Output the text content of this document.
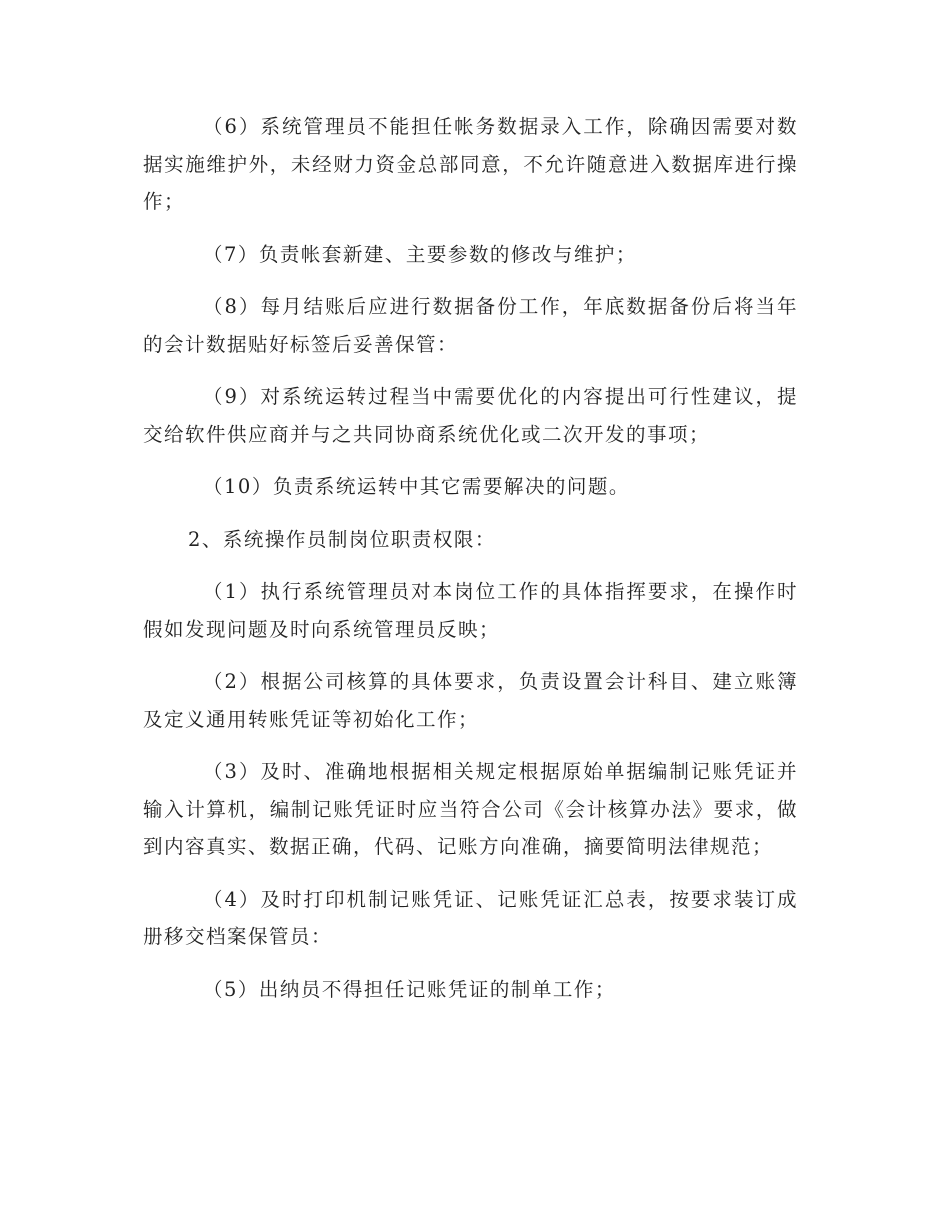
（6）系统管理员不能担任帐务数据录入工作，除确因需要对数据实施维护外，未经财力资金总部同意，不允许随意进入数据库进行操作；

（7）负责帐套新建、主要参数的修改与维护；

（8）每月结账后应进行数据备份工作，年底数据备份后将当年的会计数据贴好标签后妥善保管：

（9）对系统运转过程当中需要优化的内容提出可行性建议，提交给软件供应商并与之共同协商系统优化或二次开发的事项；

（10）负责系统运转中其它需要解决的问题。

2、系统操作员制岗位职责权限：

（1）执行系统管理员对本岗位工作的具体指挥要求，在操作时假如发现问题及时向系统管理员反映；

（2）根据公司核算的具体要求，负责设置会计科目、建立账簿及定义通用转账凭证等初始化工作；

（3）及时、准确地根据相关规定根据原始单据编制记账凭证并输入计算机，编制记账凭证时应当符合公司《会计核算办法》要求，做到内容真实、数据正确，代码、记账方向准确，摘要简明法律规范；

（4）及时打印机制记账凭证、记账凭证汇总表，按要求装订成册移交档案保管员：

（5）出纳员不得担任记账凭证的制单工作；
